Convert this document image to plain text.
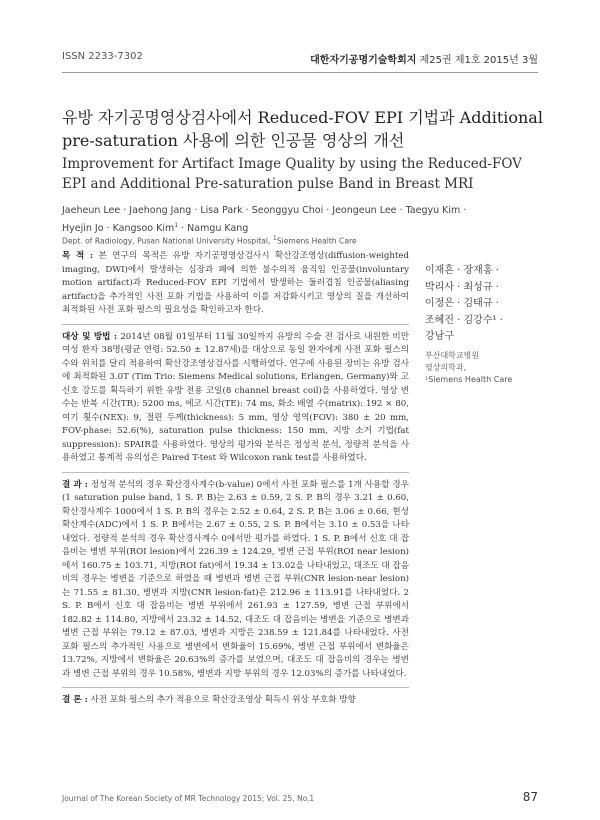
ISSN 2233-7302	대한자기공명기술학회지 제25권 제1호 2015년 3월
유방 자기공명영상검사에서 Reduced-FOV EPI 기법과 Additional pre-saturation 사용에 의한 인공물 영상의 개선
Improvement for Artifact Image Quality by using the Reduced-FOV EPI and Additional Pre-saturation pulse Band in Breast MRI
Jaeheun Lee · Jaehong Jang · Lisa Park · Seonggyu Choi · Jeongeun Lee · Taegyu Kim ·
Hyejin Jo · Kangsoo Kim$^1$ · Namgu Kang
Dept. of Radiology, Pusan National University Hospital, $^1$Siemens Health Care

목 적 : 본 연구의 목적은 유방 자기공명영상검사시 확산강조영상(diffusion-weighted imaging, DWI)에서 발생하는 심장과 폐에 의한 불수의적 움직임 인공물(involuntary motion artifact)과 Reduced-FOV EPI 기법에서 발생하는 둘러겹침 인공물(aliasing artifact)을 추가적인 사전 포화 기법을 사용하여 이를 저감화시키고 영상의 질을 개선하여 최적화된 사전 포화 펄스의 필요성을 확인하고자 한다.

대상 및 방법 : 2014년 08월 01일부터 11월 30일까지 유방의 수술 전 검사로 내원한 비만 여성 환자 38명(평균 연령: 52.50 ± 12.87세)을 대상으로 동일 환자에게 사전 포화 펄스의 수와 위치를 달리 적용하여 확산강조영상검사를 시행하였다. 연구에 사용된 장비는 유방 검사에 최적화된 3.0T (Tim Trio: Siemens Medical solutions, Erlangen, Germany)와 고신호 강도를 획득하기 위한 유방 전용 코일(8 channel breast coil)을 사용하였다. 영상 변수는 반복 시간(TR): 5200 ms, 에코 시간(TE): 74 ms, 화소 배열 수(matrix): 192 × 80, 여기 횟수(NEX): 9, 절편 두께(thickness): 5 mm, 영상 영역(FOV): 380 ± 20 mm, FOV-phase: 52.6(%), saturation pulse thickness: 150 mm, 지방 소거 기법(fat suppression): SPAIR를 사용하였다. 영상의 평가와 분석은 정성적 분석, 정량적 분석을 사용하였고 통계적 유의성은 Paired T-test 와 Wilcoxon rank test를 사용하였다.

결 과 : 정성적 분석의 경우 확산경사계수(b-value) 0에서 사전 포화 펄스를 1개 사용할 경우(1 saturation pulse band, 1 S. P. B)는 2.63 ± 0.59, 2 S. P. B의 경우 3.21 ± 0.60, 확산경사계수 1000에서 1 S. P. B의 경우는 2.52 ± 0.64, 2 S. P. B는 3.06 ± 0.66, 현성확산계수(ADC)에서 1 S. P. B에서는 2.67 ± 0.55, 2 S. P. B에서는 3.10 ± 0.53을 나타내었다. 정량적 분석의 경우 확산경사계수 0에서만 평가를 하였다. 1 S. P. B에서 신호 대 잡음비는 병변 부위(ROI lesion)에서 226.39 ± 124.29, 병변 근접 부위(ROI near lesion)에서 160.75 ± 103.71, 지방(ROI fat)에서 19.34 ± 13.02을 나타내었고, 대조도 대 잡음비의 경우는 병변을 기준으로 하였을 때 병변과 병변 근접 부위(CNR lesion-near lesion)는 71.55 ± 81.30, 병변과 지방(CNR lesion-fat)은 212.96 ± 113.91를 나타내었다. 2 S. P. B에서 신호 대 잡음비는 병변 부위에서 261.93 ± 127.59, 병변 근접 부위에서 182.82 ± 114.80, 지방에서 23.32 ± 14.52, 대조도 대 잡음비는 병변을 기준으로 병변과 병변 근접 부위는 79.12 ± 87.03, 병변과 지방은 238.59 ± 121.84를 나타내었다. 사전 포화 펄스의 추가적인 사용으로 병변에서 변화율이 15.69%, 병변 근접 부위에서 변화율은 13.72%, 지방에서 변화율은 20.63%의 증가를 보였으며, 대조도 대 잡음비의 경우는 병변과 병변 근접 부위의 경우 10.58%, 병변과 지방 부위의 경우 12.03%의 증가를 나타내었다.

결 론 : 사전 포화 펄스의 추가 적용으로 확산강조영상 획득시 위상 부호화 방향

이재흔 · 장재홍 ·
박리사 · 최성규 ·
이정은 · 김태규 ·
조혜진 · 김강수¹ ·
강남구
부산대학교병원
영상의학과,
¹Siemens Health Care
Journal of The Korean Society of MR Technology 2015; Vol. 25, No.1	87
